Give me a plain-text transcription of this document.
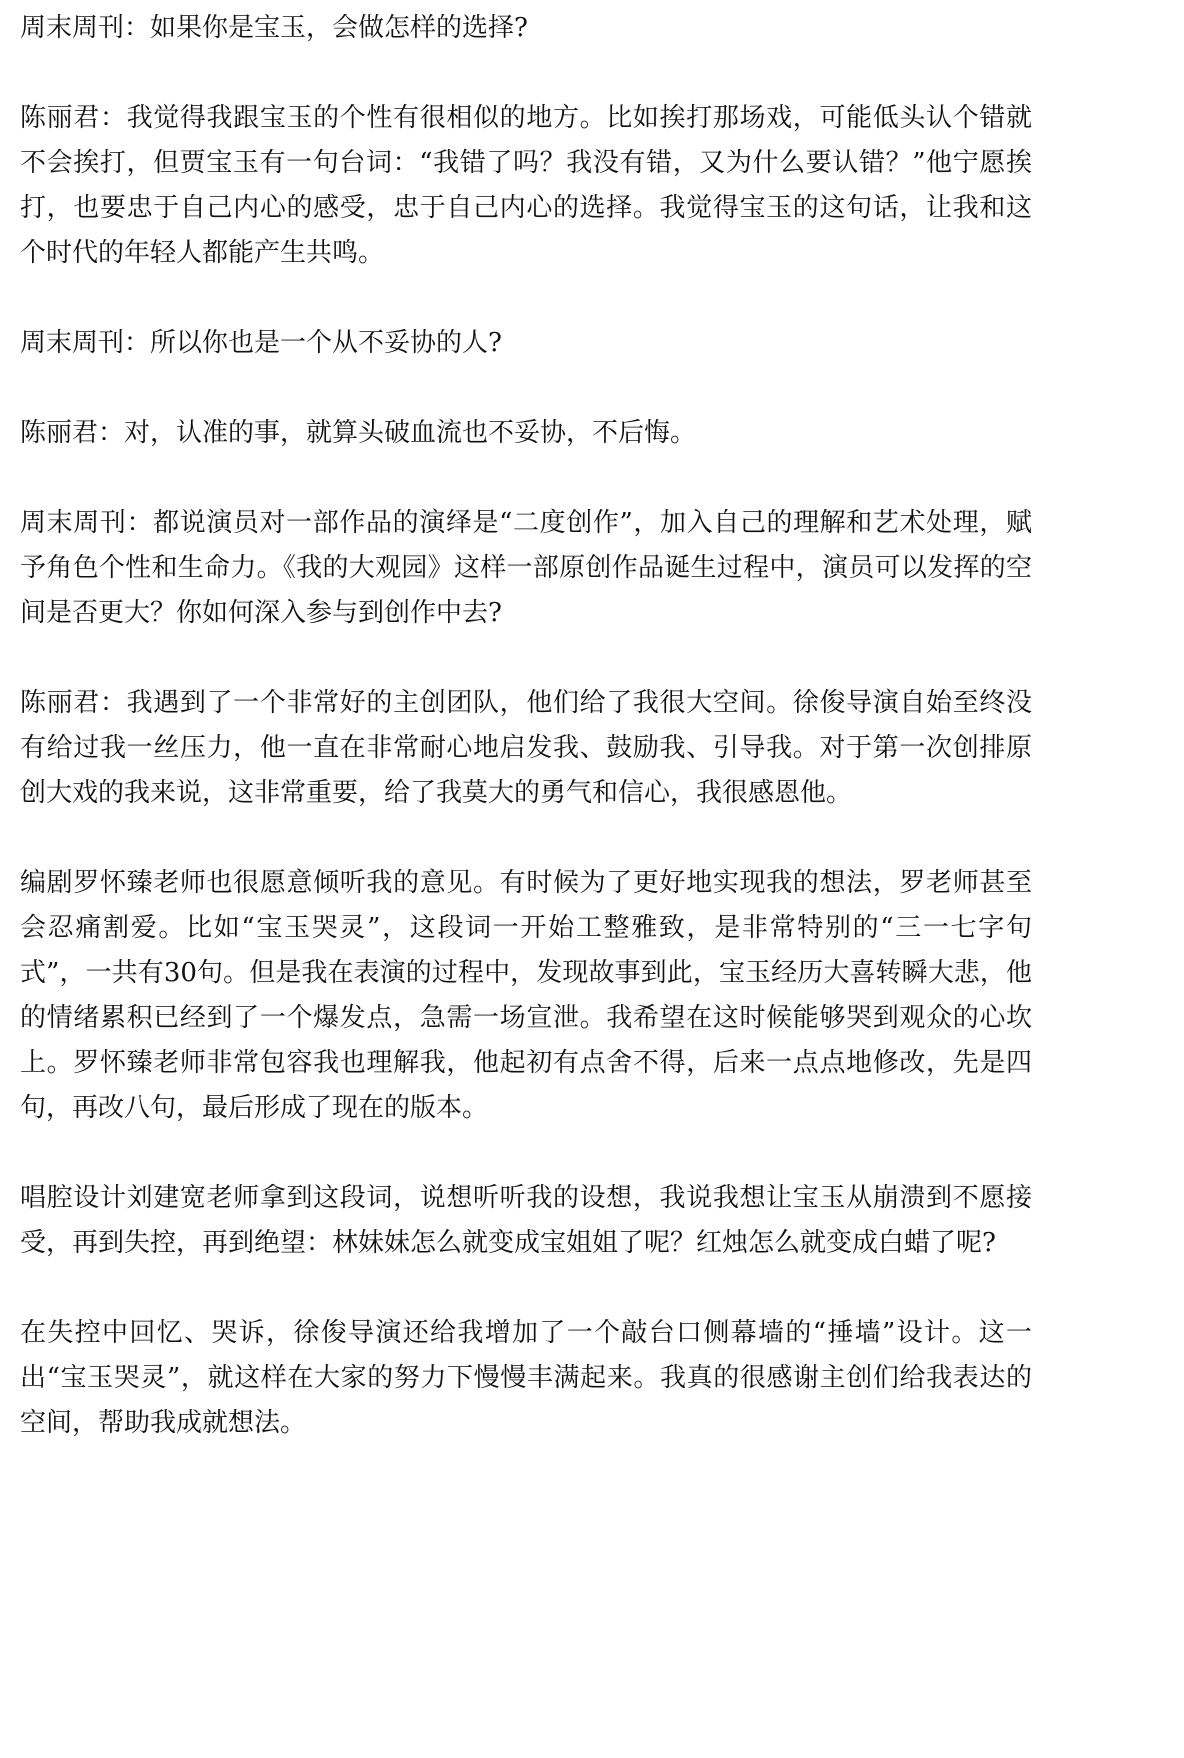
周末周刊：如果你是宝玉，会做怎样的选择?

陈丽君：我觉得我跟宝玉的个性有很相似的地方。比如挨打那场戏，可能低头认个错就不会挨打，但贾宝玉有一句台词：“我错了吗？我没有错，又为什么要认错？”他宁愿挨打，也要忠于自己内心的感受，忠于自己内心的选择。我觉得宝玉的这句话，让我和这个时代的年轻人都能产生共鸣。

周末周刊：所以你也是一个从不妥协的人?

陈丽君：对，认准的事，就算头破血流也不妥协，不后悔。

周末周刊：都说演员对一部作品的演绎是“二度创作”，加入自己的理解和艺术处理，赋予角色个性和生命力。《我的大观园》这样一部原创作品诞生过程中，演员可以发挥的空间是否更大？你如何深入参与到创作中去?

陈丽君：我遇到了一个非常好的主创团队，他们给了我很大空间。徐俊导演自始至终没有给过我一丝压力，他一直在非常耐心地启发我、鼓励我、引导我。对于第一次创排原创大戏的我来说，这非常重要，给了我莫大的勇气和信心，我很感恩他。

编剧罗怀臻老师也很愿意倾听我的意见。有时候为了更好地实现我的想法，罗老师甚至会忍痛割爱。比如“宝玉哭灵”，这段词一开始工整雅致，是非常特别的“三一七字句式”，一共有30句。但是我在表演的过程中，发现故事到此，宝玉经历大喜转瞬大悲，他的情绪累积已经到了一个爆发点，急需一场宣泄。我希望在这时候能够哭到观众的心坎上。罗怀臻老师非常包容我也理解我，他起初有点舍不得，后来一点点地修改，先是四句，再改八句，最后形成了现在的版本。

唱腔设计刘建宽老师拿到这段词，说想听听我的设想，我说我想让宝玉从崩溃到不愿接受，再到失控，再到绝望：林妹妹怎么就变成宝姐姐了呢？红烛怎么就变成白蜡了呢?

在失控中回忆、哭诉，徐俊导演还给我增加了一个敲台口侧幕墙的“捶墙”设计。这一出“宝玉哭灵”，就这样在大家的努力下慢慢丰满起来。我真的很感谢主创们给我表达的空间，帮助我成就想法。
